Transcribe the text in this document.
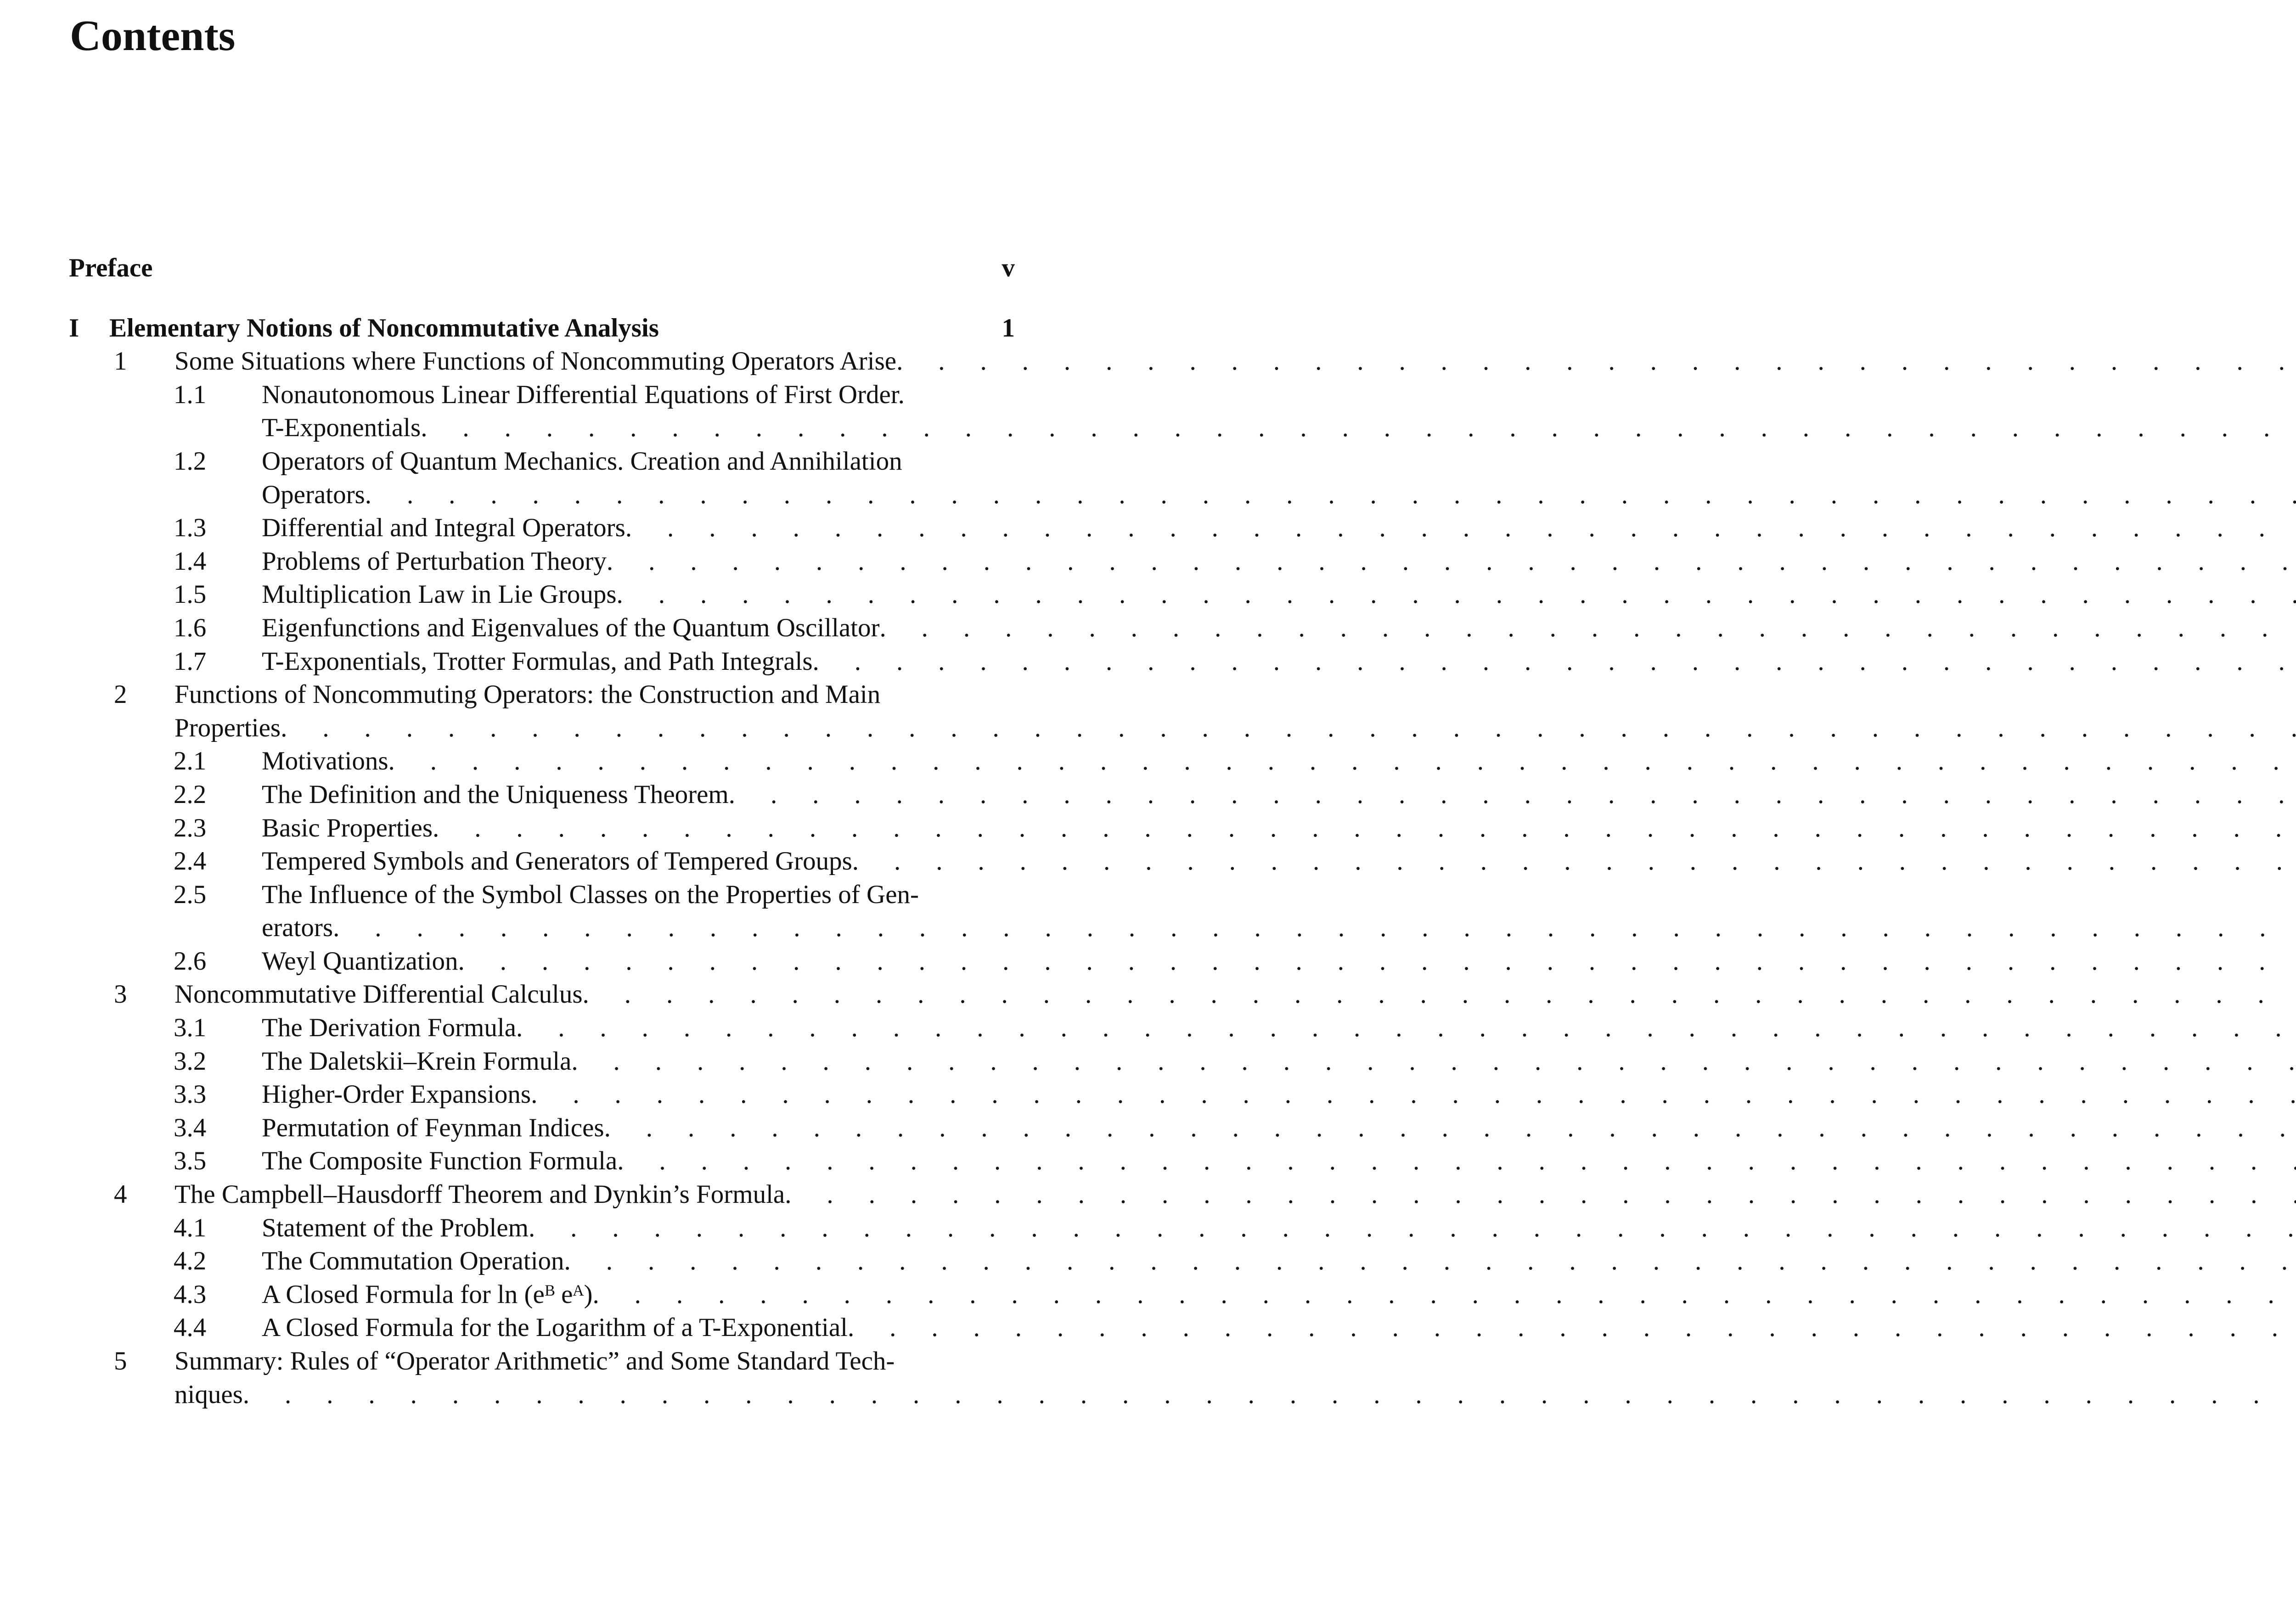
Contents
Preface	v
I Elementary Notions of Noncommutative Analysis	1
1 Some Situations where Functions of Noncommuting Operators Arise
. . .
1.1 Nonautonomous Linear Differential Equations of First Order.
T-Exponentials
. . .
1.2 Operators of Quantum Mechanics. Creation and Annihilation
Operators
. . .
1.3 Differential and Integral Operators
. . .
1.4 Problems of Perturbation Theory
. . .
1.5 Multiplication Law in Lie Groups
. . .
1.6 Eigenfunctions and Eigenvalues of the Quantum Oscillator
. . .
1.7 T-Exponentials, Trotter Formulas, and Path Integrals
. . .
2 Functions of Noncommuting Operators: the Construction and Main
Properties
. . .
2.1 Motivations
. . .
2.2 The Definition and the Uniqueness Theorem
. . .
2.3 Basic Properties
. . .
2.4 Tempered Symbols and Generators of Tempered Groups
. . .
2.5 The Influence of the Symbol Classes on the Properties of Gen-
erators
. . .
2.6 Weyl Quantization
. . .
3 Noncommutative Differential Calculus
. . .
3.1 The Derivation Formula
. . .
3.2 The Daletskii–Krein Formula
. . .
3.3 Higher-Order Expansions
. . .
3.4 Permutation of Feynman Indices
. . .
3.5 The Composite Function Formula
. . .
4 The Campbell–Hausdorff Theorem and Dynkin’s Formula
. . .
4.1 Statement of the Problem
. . .
4.2 The Commutation Operation
. . .
4.3 A Closed Formula for ln (eᴮ eᴬ)
. . .
4.4 A Closed Formula for the Logarithm of a T-Exponential
. . .
5 Summary: Rules of “Operator Arithmetic” and Some Standard Tech-
niques
. . .
